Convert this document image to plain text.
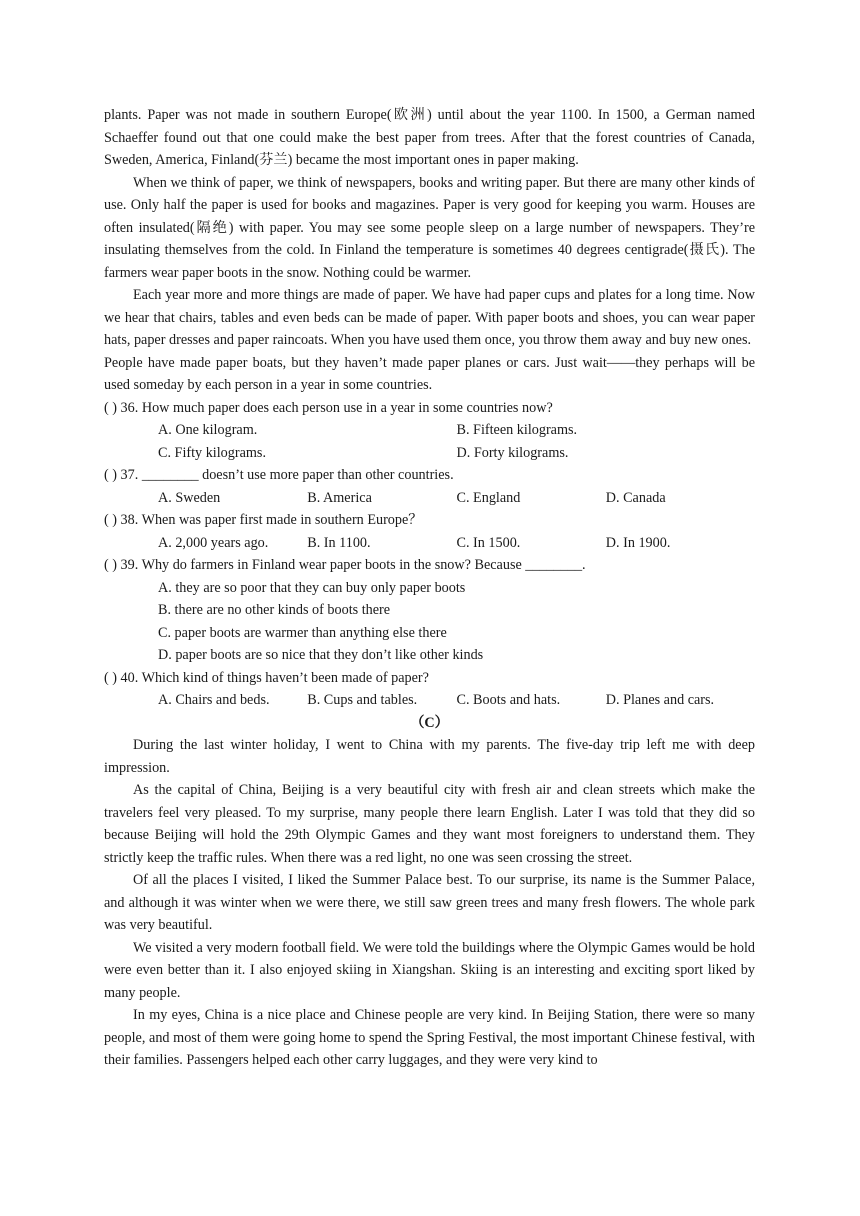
plants. Paper was not made in southern Europe(欧洲) until about the year 1100. In 1500, a German named Schaeffer found out that one could make the best paper from trees. After that the forest countries of Canada, Sweden, America, Finland(芬兰) became the most important ones in paper making.

When we think of paper, we think of newspapers, books and writing paper. But there are many other kinds of use. Only half the paper is used for books and magazines. Paper is very good for keeping you warm. Houses are often insulated(隔绝) with paper. You may see some people sleep on a large number of newspapers. They’re insulating themselves from the cold. In Finland the temperature is sometimes 40 degrees centigrade(摄氏). The farmers wear paper boots in the snow. Nothing could be warmer.

Each year more and more things are made of paper. We have had paper cups and plates for a long time. Now we hear that chairs, tables and even beds can be made of paper. With paper boots and shoes, you can wear paper hats, paper dresses and paper raincoats. When you have used them once, you throw them away and buy new ones.

People have made paper boats, but they haven’t made paper planes or cars. Just wait——they perhaps will be used someday by each person in a year in some countries.

( ) 36. How much paper does each person use in a year in some countries now?

A. One kilogram.	B. Fifteen kilograms.
C. Fifty kilograms.	D. Forty kilograms.

( ) 37. ________ doesn’t use more paper than other countries.

A. Sweden	B. America	C. England	D. Canada

( ) 38. When was paper first made in southern Europe？

A. 2,000 years ago.	B. In 1100.	C. In 1500.	D. In 1900.

( ) 39. Why do farmers in Finland wear paper boots in the snow? Because ________.

A. they are so poor that they can buy only paper boots

B. there are no other kinds of boots there

C. paper boots are warmer than anything else there

D. paper boots are so nice that they don’t like other kinds

( ) 40. Which kind of things haven’t been made of paper?

A. Chairs and beds.	B. Cups and tables.	C. Boots and hats.	D. Planes and cars.

（C）

During the last winter holiday, I went to China with my parents. The five-day trip left me with deep impression.

As the capital of China, Beijing is a very beautiful city with fresh air and clean streets which make the travelers feel very pleased. To my surprise, many people there learn English. Later I was told that they did so because Beijing will hold the 29th Olympic Games and they want most foreigners to understand them. They strictly keep the traffic rules. When there was a red light, no one was seen crossing the street.

Of all the places I visited, I liked the Summer Palace best. To our surprise, its name is the Summer Palace, and although it was winter when we were there, we still saw green trees and many fresh flowers. The whole park was very beautiful.

We visited a very modern football field. We were told the buildings where the Olympic Games would be hold were even better than it. I also enjoyed skiing in Xiangshan. Skiing is an interesting and exciting sport liked by many people.

In my eyes, China is a nice place and Chinese people are very kind. In Beijing Station, there were so many people, and most of them were going home to spend the Spring Festival, the most important Chinese festival, with their families. Passengers helped each other carry luggages, and they were very kind to
